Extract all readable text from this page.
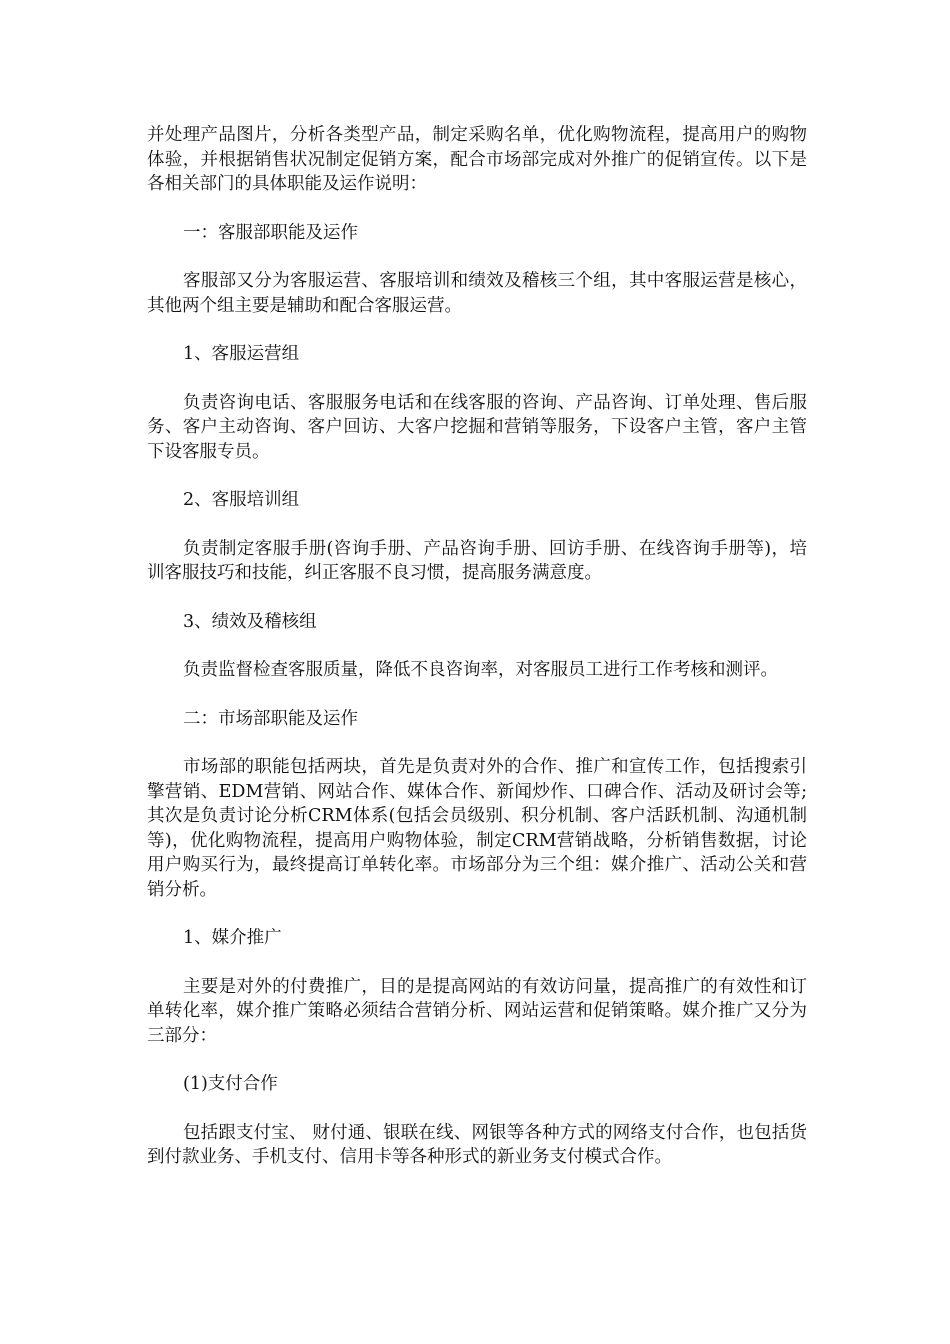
并处理产品图片，分析各类型产品，制定采购名单，优化购物流程，提高用户的购物体验，并根据销售状况制定促销方案，配合市场部完成对外推广的促销宣传。以下是各相关部门的具体职能及运作说明：

一：客服部职能及运作

客服部又分为客服运营、客服培训和绩效及稽核三个组，其中客服运营是核心，其他两个组主要是辅助和配合客服运营。

1、客服运营组

负责咨询电话、客服服务电话和在线客服的咨询、产品咨询、订单处理、售后服务、客户主动咨询、客户回访、大客户挖掘和营销等服务，下设客户主管，客户主管下设客服专员。

2、客服培训组

负责制定客服手册(咨询手册、产品咨询手册、回访手册、在线咨询手册等)，培训客服技巧和技能，纠正客服不良习惯，提高服务满意度。

3、绩效及稽核组

负责监督检查客服质量，降低不良咨询率，对客服员工进行工作考核和测评。

二：市场部职能及运作

市场部的职能包括两块，首先是负责对外的合作、推广和宣传工作，包括搜索引擎营销、EDM营销、网站合作、媒体合作、新闻炒作、口碑合作、活动及研讨会等;其次是负责讨论分析CRM体系(包括会员级别、积分机制、客户活跃机制、沟通机制等)，优化购物流程，提高用户购物体验，制定CRM营销战略，分析销售数据，讨论用户购买行为，最终提高订单转化率。市场部分为三个组：媒介推广、活动公关和营销分析。

1、媒介推广

主要是对外的付费推广，目的是提高网站的有效访问量，提高推广的有效性和订单转化率，媒介推广策略必须结合营销分析、网站运营和促销策略。媒介推广又分为三部分：

(1)支付合作

包括跟支付宝、 财付通、银联在线、网银等各种方式的网络支付合作，也包括货到付款业务、手机支付、信用卡等各种形式的新业务支付模式合作。
